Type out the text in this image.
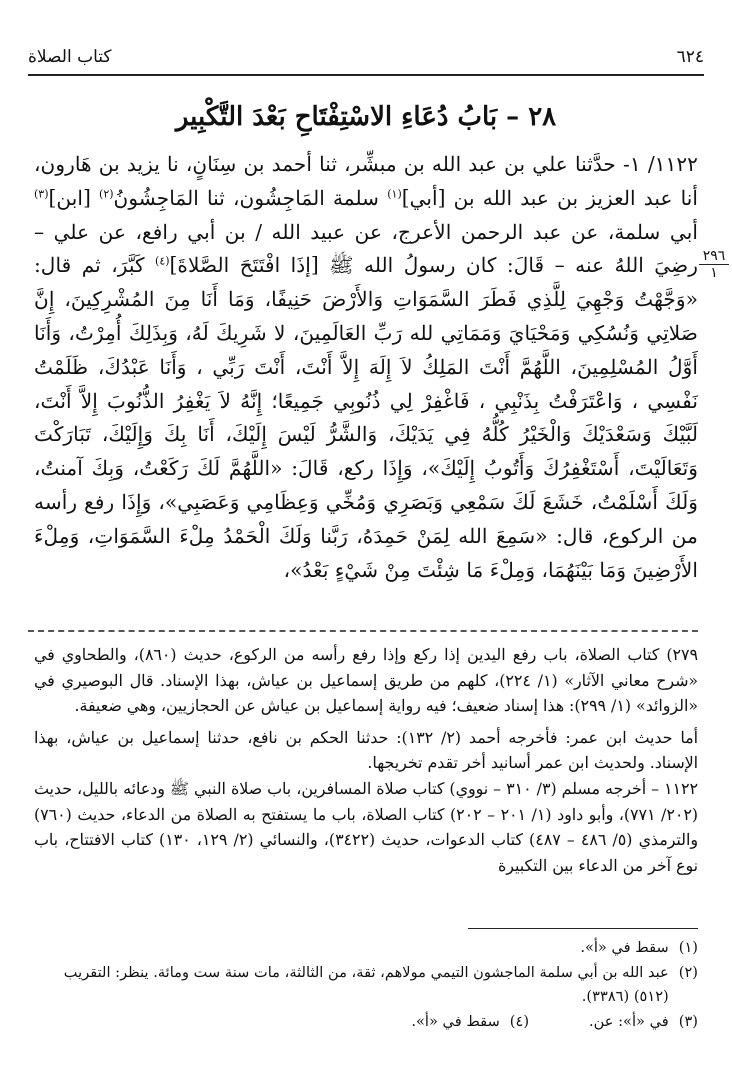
كتاب الصلاة	٦٢٤
٢٨ – بَابُ دُعَاءِ الاسْتِفْتَاحِ بَعْدَ التَّكْبِير
٢٩٦
١

١١٢٢/ ١- حدَّثنا علي بن عبد الله بن مبشِّر، ثنا أحمد بن سِنَانٍ، نا يزيد بن هَارون، أنا عبد العزيز بن عبد الله بن [أبي]$^{(١)}$ سلمة المَاجِشُون، ثنا المَاجِشُونُ$^{(٢)}$ [ابن]$^{(٣)}$ أبي سلمة، عن عبد الرحمن الأعرج، عن عبيد الله / بن أبي رافع، عن علي – رضِيَ اللهُ عنه – قَالَ: كان رسولُ الله ﷺ [إذَا افْتَتَحَ الصَّلاةَ]$^{(٤)}$ كَبَّرَ، ثم قال: «وَجَّهْتُ وَجْهِيَ لِلَّذِي فَطَرَ السَّمَوَاتِ وَالأَرْضَ حَنِيفًا، وَمَا أَنَا مِنَ المُشْرِكِينَ، إِنَّ صَلاتِي وَنُسُكِي وَمَحْيَايَ وَمَمَاتِي لله رَبِّ العَالَمِينَ، لا شَرِيكَ لَهُ، وَبِذَلِكَ أُمِرْتُ، وَأَنَا أَوَّلُ المُسْلِمِينَ، اللَّهُمَّ أَنْتَ المَلِكُ لاَ إِلَهَ إِلاَّ أَنْتَ، أَنْتَ رَبِّي ، وَأَنَا عَبْدُكَ، ظَلَمْتُ نَفْسِي ، وَاعْتَرَفْتُ بِذَنْبِي ، فَاغْفِرْ لِي ذُنُوبِي جَمِيعًا؛ إِنَّهُ لاَ يَغْفِرُ الذُّنُوبَ إِلاَّ أَنْتَ، لَبَّيْكَ وَسَعْدَيْكَ وَالْخَيْرُ كُلُّهُ فِي يَدَيْكَ، وَالشَّرُّ لَيْسَ إِلَيْكَ، أَنَا بِكَ وَإِلَيْكَ، تَبَارَكْتَ وَتَعَالَيْتَ، أَسْتَغْفِرُكَ وَأَتُوبُ إِلَيْكَ»، وَإِذَا ركع، قَالَ: «اللَّهُمَّ لَكَ رَكَعْتُ، وَبِكَ آمنتُ، وَلَكَ أَسْلَمْتُ، خَشَعَ لَكَ سَمْعِي وَبَصَرِي وَمُخِّي وَعِظَامِي وَعَصَبِي»، وَإِذَا رفع رأسه من الركوع، قال: «سَمِعَ الله لِمَنْ حَمِدَهُ، رَبَّنا وَلَكَ الْحَمْدُ مِلْءَ السَّمَوَاتِ، وَمِلْءَ الأَرْضِينَ وَمَا بَيْنَهُمَا، وَمِلْءَ مَا شِئْتَ مِنْ شَيْءٍ بَعْدُ»،

٢٧٩) كتاب الصلاة، باب رفع اليدين إذا ركع وإذا رفع رأسه من الركوع، حديث (٨٦٠)، والطحاوي في «شرح معاني الآثار» (١/ ٢٢٤)، كلهم من طريق إسماعيل بن عياش، بهذا الإسناد. قال البوصيري في «الزوائد» (١/ ٢٩٩): هذا إسناد ضعيف؛ فيه رواية إسماعيل بن عياش عن الحجازيين، وهي ضعيفة.

أما حديث ابن عمر: فأخرجه أحمد (٢/ ١٣٢): حدثنا الحكم بن نافع، حدثنا إسماعيل بن عياش، بهذا الإسناد. ولحديث ابن عمر أسانيد أخر تقدم تخريجها.

١١٢٢ – أخرجه مسلم (٣/ ٣١٠ – نووي) كتاب صلاة المسافرين، باب صلاة النبي ﷺ ودعائه بالليل، حديث (٢٠٢/ ٧٧١)، وأبو داود (١/ ٢٠١ – ٢٠٢) كتاب الصلاة، باب ما يستفتح به الصلاة من الدعاء، حديث (٧٦٠) والترمذي (٥/ ٤٨٦ – ٤٨٧) كتاب الدعوات، حديث (٣٤٢٢)، والنسائي (٢/ ١٢٩، ١٣٠) كتاب الافتتاح، باب نوع آخر من الدعاء بين التكبيرة

(١)
سقط في «أ».
(٢)
عبد الله بن أبي سلمة الماجشون التيمي مولاهم، ثقة، من الثالثة، مات سنة ست ومائة. ينظر: التقريب (٥١٢) (٣٣٨٦).
(٣)
في «أ»: عن.
(٤)
سقط في «أ».
